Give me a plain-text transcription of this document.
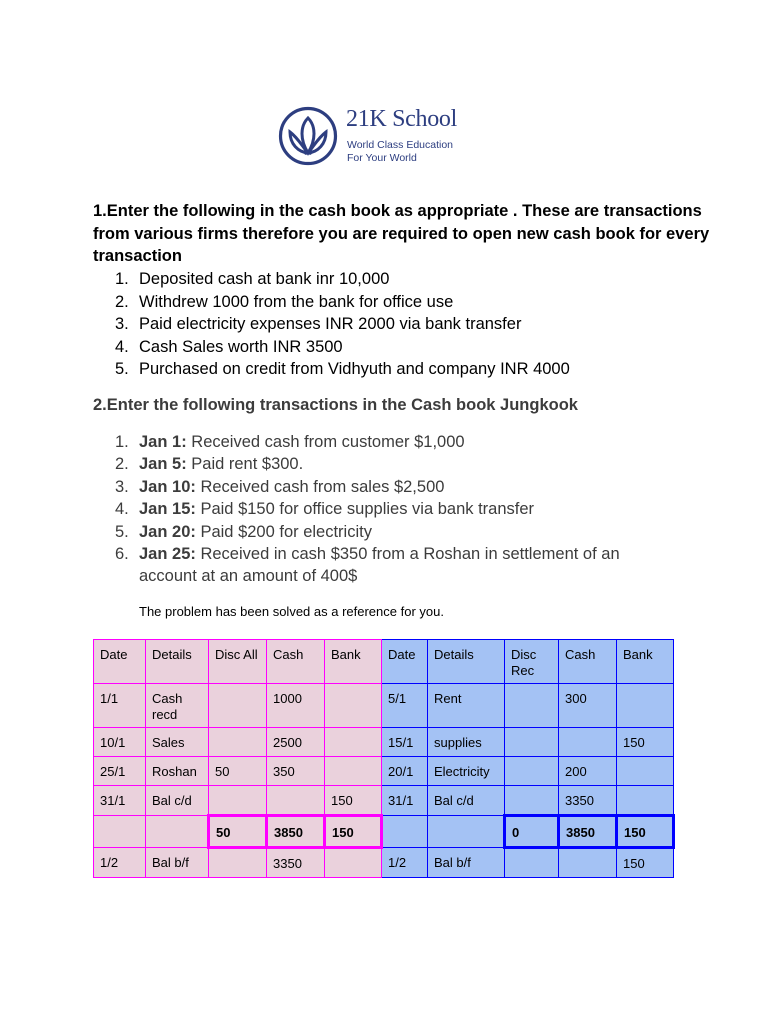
21K School
World Class Education
For Your World
1.Enter the following in the cash book as appropriate . These are transactions from various firms therefore you are required to open new cash book for every transaction
1. Deposited cash at bank inr 10,000
2. Withdrew 1000 from the bank for office use
3. Paid electricity expenses INR 2000 via bank transfer
4. Cash Sales worth INR 3500
5. Purchased on credit from Vidhyuth and company INR 4000
2.Enter the following transactions in the Cash book Jungkook
1. Jan 1: Received cash from customer $1,000
2. Jan 5: Paid rent $300.
3. Jan 10: Received cash from sales $2,500
4. Jan 15: Paid $150 for office supplies via bank transfer
5. Jan 20: Paid $200 for electricity
6. Jan 25: Received in cash $350 from a Roshan in settlement of an account at an amount of 400$
The problem has been solved as a reference for you.
Date	Details	Disc All	Cash	Bank	Date	Details	Disc Rec	Cash	Bank
1/1	Cash recd		1000		5/1	Rent		300	
10/1	Sales		2500		15/1	supplies			150
25/1	Roshan	50	350		20/1	Electricity		200	
31/1	Bal c/d			150	31/1	Bal c/d		3350	
		50	3850	150			0	3850	150
1/2	Bal b/f		3350		1/2	Bal b/f			150
